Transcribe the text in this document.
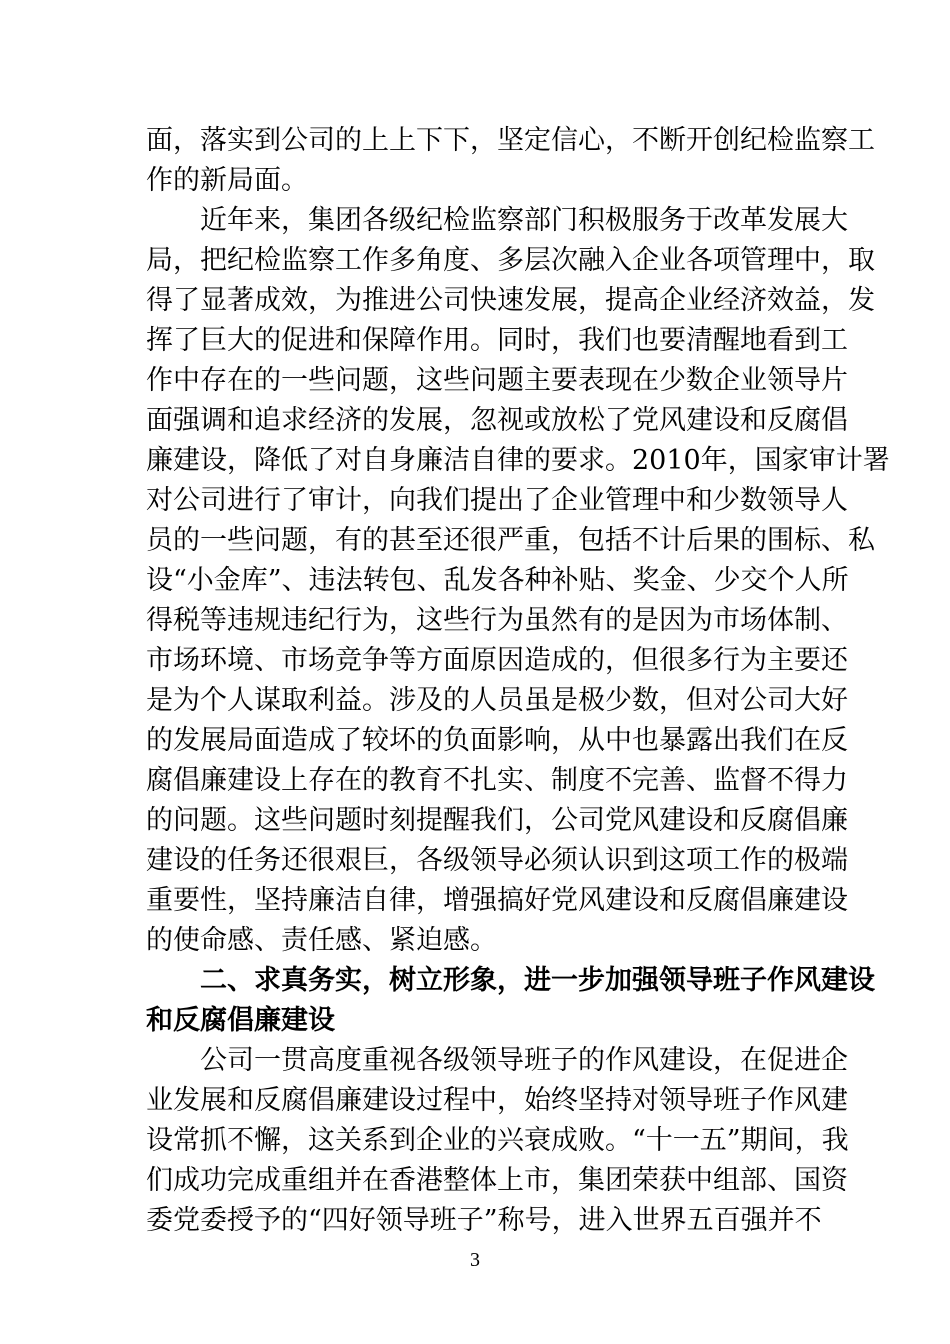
面，落实到公司的上上下下，坚定信心，不断开创纪检监察工
作的新局面。
近年来，集团各级纪检监察部门积极服务于改革发展大
局，把纪检监察工作多角度、多层次融入企业各项管理中，取
得了显著成效，为推进公司快速发展，提高企业经济效益，发
挥了巨大的促进和保障作用。同时，我们也要清醒地看到工
作中存在的一些问题，这些问题主要表现在少数企业领导片
面强调和追求经济的发展，忽视或放松了党风建设和反腐倡
廉建设，降低了对自身廉洁自律的要求。2010年，国家审计署
对公司进行了审计，向我们提出了企业管理中和少数领导人
员的一些问题，有的甚至还很严重，包括不计后果的围标、私
设“小金库”、违法转包、乱发各种补贴、奖金、少交个人所
得税等违规违纪行为，这些行为虽然有的是因为市场体制、
市场环境、市场竞争等方面原因造成的，但很多行为主要还
是为个人谋取利益。涉及的人员虽是极少数，但对公司大好
的发展局面造成了较坏的负面影响，从中也暴露出我们在反
腐倡廉建设上存在的教育不扎实、制度不完善、监督不得力
的问题。这些问题时刻提醒我们，公司党风建设和反腐倡廉
建设的任务还很艰巨，各级领导必须认识到这项工作的极端
重要性，坚持廉洁自律，增强搞好党风建设和反腐倡廉建设
的使命感、责任感、紧迫感。
二、求真务实，树立形象，进一步加强领导班子作风建设
和反腐倡廉建设
公司一贯高度重视各级领导班子的作风建设，在促进企
业发展和反腐倡廉建设过程中，始终坚持对领导班子作风建
设常抓不懈，这关系到企业的兴衰成败。“十一五”期间，我
们成功完成重组并在香港整体上市，集团荣获中组部、国资
委党委授予的“四好领导班子”称号，进入世界五百强并不
3
